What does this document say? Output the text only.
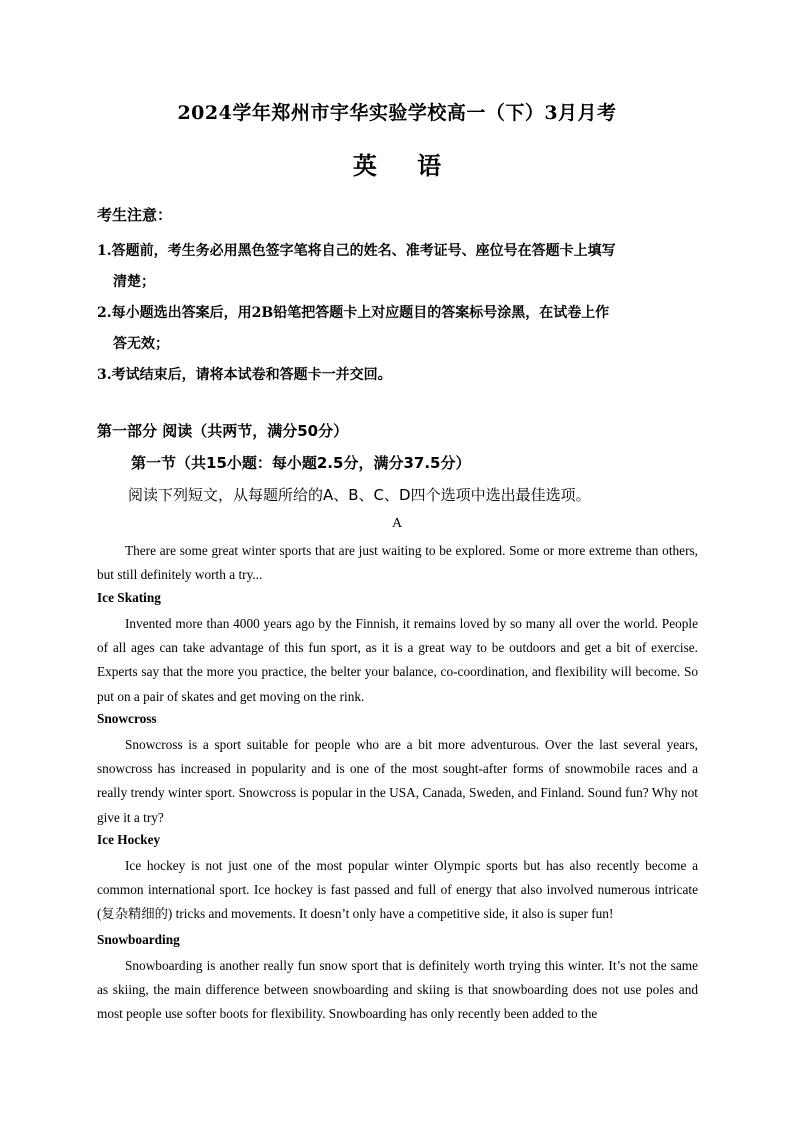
2024学年郑州市宇华实验学校高一（下）3月月考
英 语
考生注意：
1.答题前，考生务必用黑色签字笔将自己的姓名、准考证号、座位号在答题卡上填写
清楚；
2.每小题选出答案后，用2B铅笔把答题卡上对应题目的答案标号涂黑，在试卷上作
答无效；
3.考试结束后，请将本试卷和答题卡一并交回。
第一部分 阅读（共两节，满分50分）
第一节（共15小题：每小题2.5分，满分37.5分）
阅读下列短文，从每题所给的A、B、C、D四个选项中选出最佳选项。
A

There are some great winter sports that are just waiting to be explored. Some or more extreme than others, but still definitely worth a try...

Ice Skating

Invented more than 4000 years ago by the Finnish, it remains loved by so many all over the world. People of all ages can take advantage of this fun sport, as it is a great way to be outdoors and get a bit of exercise. Experts say that the more you practice, the belter your balance, co-coordination, and flexibility will become. So put on a pair of skates and get moving on the rink.

Snowcross

Snowcross is a sport suitable for people who are a bit more adventurous. Over the last several years, snowcross has increased in popularity and is one of the most sought-after forms of snowmobile races and a really trendy winter sport. Snowcross is popular in the USA, Canada, Sweden, and Finland. Sound fun? Why not give it a try?

Ice Hockey

Ice hockey is not just one of the most popular winter Olympic sports but has also recently become a common international sport. Ice hockey is fast passed and full of energy that also involved numerous intricate (复杂精细的) tricks and movements. It doesn’t only have a competitive side, it also is super fun!

Snowboarding

Snowboarding is another really fun snow sport that is definitely worth trying this winter. It’s not the same as skiing, the main difference between snowboarding and skiing is that snowboarding does not use poles and most people use softer boots for flexibility. Snowboarding has only recently been added to the
